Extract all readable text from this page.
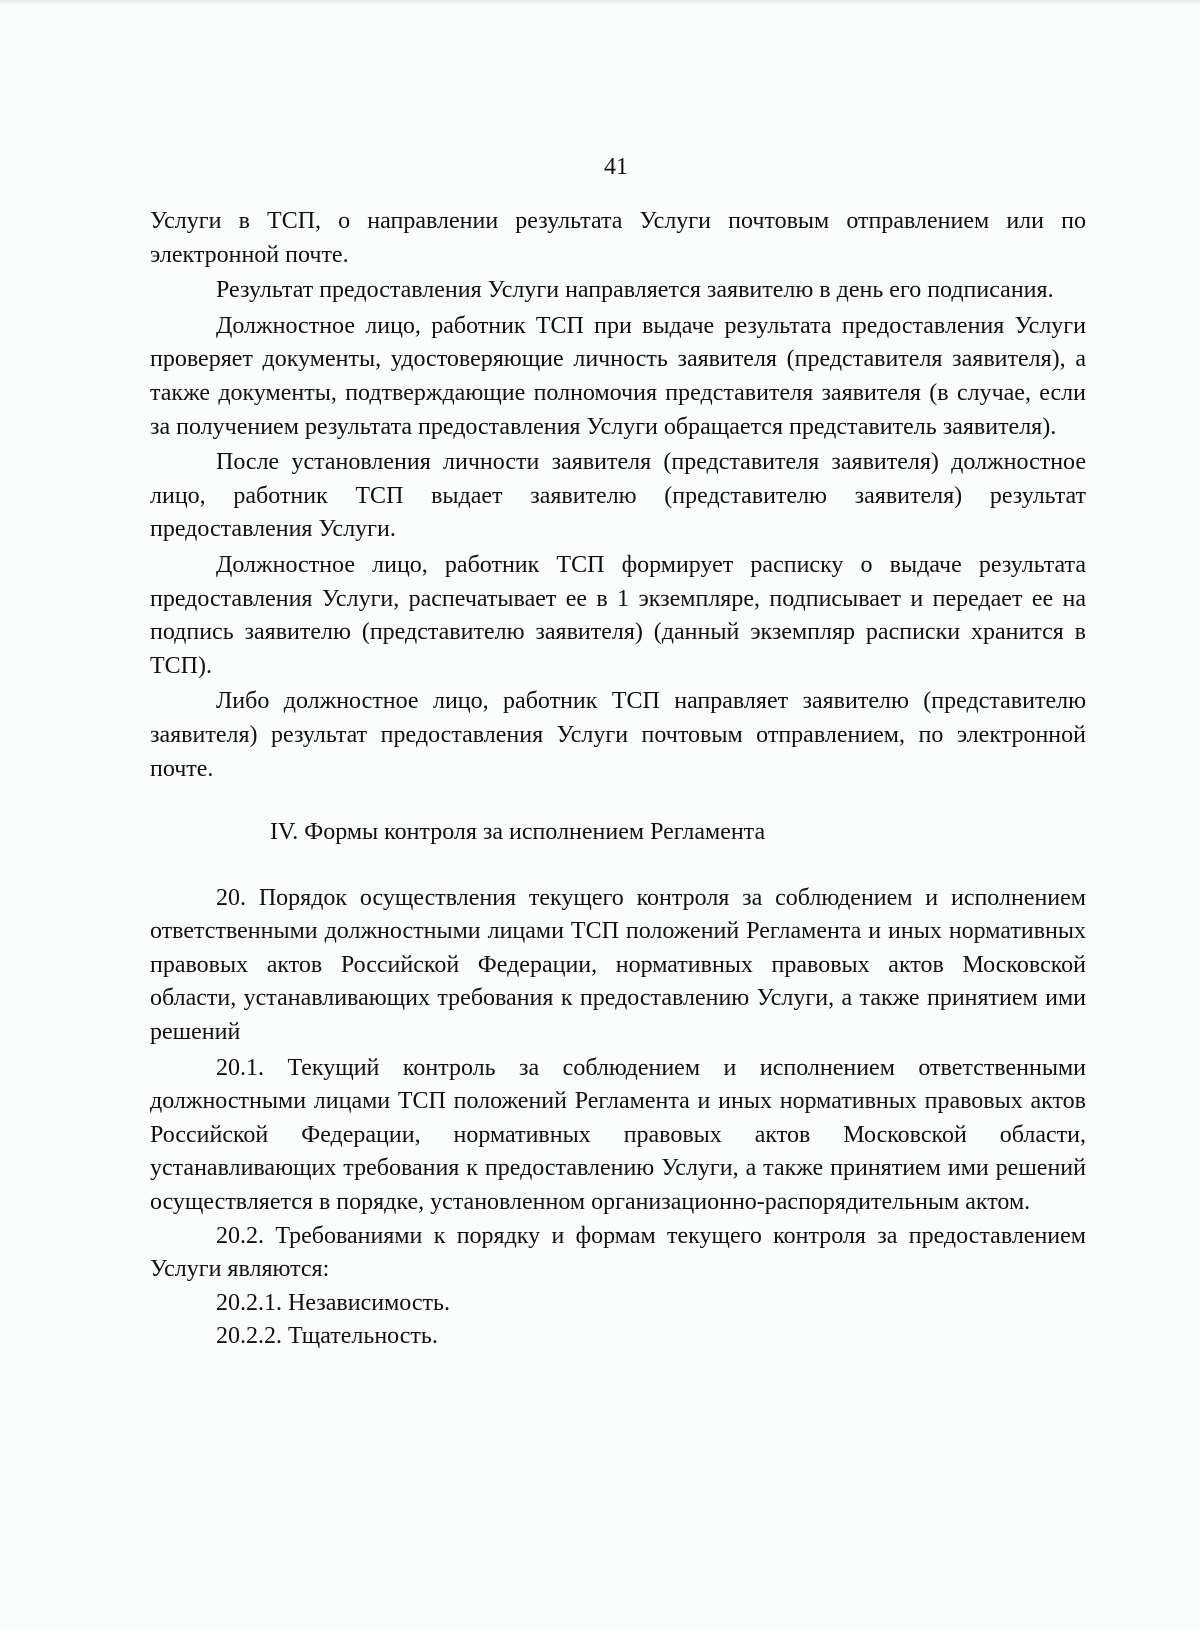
41

Услуги в ТСП, о направлении результата Услуги почтовым отправлением или по электронной почте.

Результат предоставления Услуги направляется заявителю в день его подписания.

Должностное лицо, работник ТСП при выдаче результата предоставления Услуги проверяет документы, удостоверяющие личность заявителя (представителя заявителя), а также документы, подтверждающие полномочия представителя заявителя (в случае, если за получением результата предоставления Услуги обращается представитель заявителя).

После установления личности заявителя (представителя заявителя) должностное лицо, работник ТСП выдает заявителю (представителю заявителя) результат предоставления Услуги.

Должностное лицо, работник ТСП формирует расписку о выдаче результата предоставления Услуги, распечатывает ее в 1 экземпляре, подписывает и передает ее на подпись заявителю (представителю заявителя) (данный экземпляр расписки хранится в ТСП).

Либо должностное лицо, работник ТСП направляет заявителю (представителю заявителя) результат предоставления Услуги почтовым отправлением, по электронной почте.

IV. Формы контроля за исполнением Регламента

20. Порядок осуществления текущего контроля за соблюдением и исполнением ответственными должностными лицами ТСП положений Регламента и иных нормативных правовых актов Российской Федерации, нормативных правовых актов Московской области, устанавливающих требования к предоставлению Услуги, а также принятием ими решений

20.1. Текущий контроль за соблюдением и исполнением ответственными должностными лицами ТСП положений Регламента и иных нормативных правовых актов Российской Федерации, нормативных правовых актов Московской области, устанавливающих требования к предоставлению Услуги, а также принятием ими решений осуществляется в порядке, установленном организационно-распорядительным актом.

20.2. Требованиями к порядку и формам текущего контроля за предоставлением Услуги являются:

20.2.1. Независимость.

20.2.2. Тщательность.
